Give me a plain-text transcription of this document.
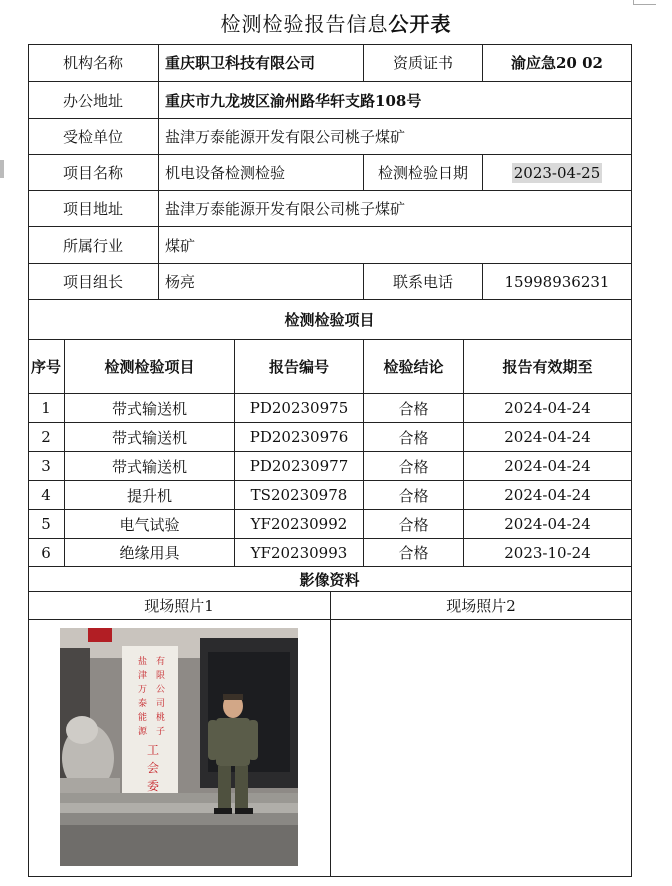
检测检验报告信息公开表
机构名称	重庆职卫科技有限公司	资质证书	渝应急20 02
办公地址	重庆市九龙坡区渝州路华轩支路108号
受检单位	盐津万泰能源开发有限公司桃子煤矿
项目名称	机电设备检测检验	检测检验日期	2023-04-25
项目地址	盐津万泰能源开发有限公司桃子煤矿
所属行业	煤矿
项目组长	杨亮	联系电话	15998936231
检测检验项目
序号	检测检验项目	报告编号	检验结论	报告有效期至
1	带式输送机	PD20230975	合格	2024-04-24
2	带式输送机	PD20230976	合格	2024-04-24
3	带式输送机	PD20230977	合格	2024-04-24
4	提升机	TS20230978	合格	2024-04-24
5	电气试验	YF20230992	合格	2024-04-24
6	绝缘用具	YF20230993	合格	2023-10-24
影像资料
现场照片1	现场照片2
盐
津
万
泰
能
源
有
限
公
司
桃
子
工
会
委
